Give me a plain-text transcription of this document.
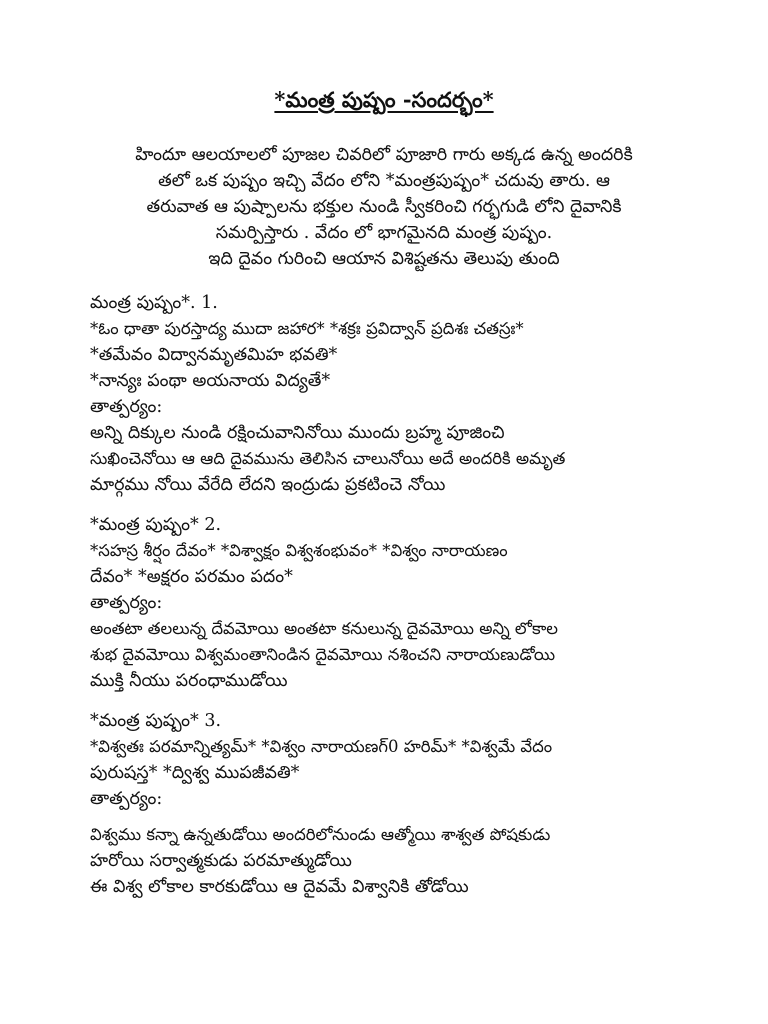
*మంత్ర పుష్పం -సందర్భం*
హిందూ ఆలయాలలో పూజల చివరిలో పూజారి గారు అక్కడ ఉన్న అందరికి
తలో ఒక పుష్పం ఇచ్చి వేదం లోని *మంత్రపుష్పం* చదువు తారు. ఆ
తరువాత ఆ పుష్పాలను భక్తుల నుండి స్వీకరించి గర్భగుడి లోని దైవానికి
సమర్పిస్తారు . వేదం లో భాగమైనది మంత్ర పుష్పం.
ఇది దైవం గురించి ఆయాన విశిష్టతను తెలుపు తుంది
మంత్ర పుష్పం*. 1.
*ఓం ధాతా పురస్తాద్య ముదా జహార* *శక్రః ప్రవిద్వాన్ ప్రదిశః చతస్రః*
*తమేవం విద్వానమృతమిహ భవతి*
*నాన్యః పంథా అయనాయ విద్యతే*
తాత్పర్యం:
అన్ని దిక్కుల నుండి రక్షించువానినోయి ముందు బ్రహ్మ పూజించి
సుఖించెనోయి ఆ ఆది దైవమును తెలిసిన చాలునోయి అదే అందరికి అమృత
మార్గము నోయి వేరేది లేదని ఇంద్రుడు ప్రకటించె నోయి
*మంత్ర పుష్పం* 2.
*సహస్ర శీర్షం దేవం* *విశ్వాక్షం విశ్వశంభువం* *విశ్వం నారాయణం
దేవం* *అక్షరం పరమం పదం*
తాత్పర్యం:
అంతటా తలలున్న దేవమోయి అంతటా కనులున్న దైవమోయి అన్ని లోకాల
శుభ దైవమోయి విశ్వమంతానిండిన దైవమోయి నశించని నారాయణుడోయి
ముక్తి నీయు పరంధాముడోయి
*మంత్ర పుష్పం* 3.
*విశ్వతః పరమాన్నిత్యమ్* *విశ్వం నారాయణగ్0 హరిమ్* *విశ్వమే వేదం
పురుషస్త* *ద్విశ్వ ముపజీవతి*
తాత్పర్యం:
విశ్వము కన్నా ఉన్నతుడోయి అందరిలోనుండు ఆత్మోయి శాశ్వత పోషకుడు
హరోయి సర్వాత్మకుడు పరమాత్ముడోయి
ఈ విశ్వ లోకాల కారకుడోయి ఆ దైవమే విశ్వానికి తోడోయి
